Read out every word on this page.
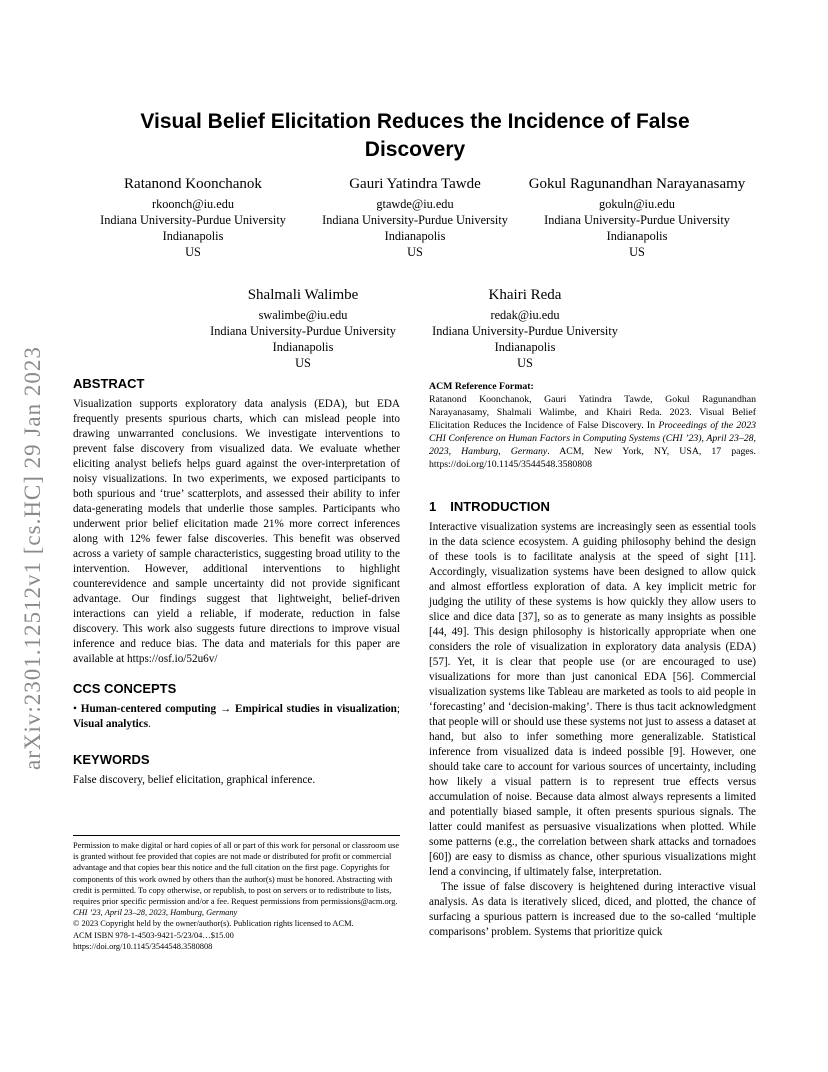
arXiv:2301.12512v1 [cs.HC] 29 Jan 2023
Visual Belief Elicitation Reduces the Incidence of False Discovery
Ratanond Koonchanok
rkoonch@iu.edu
Indiana University-Purdue University
Indianapolis
US
Gauri Yatindra Tawde
gtawde@iu.edu
Indiana University-Purdue University
Indianapolis
US
Gokul Ragunandhan Narayanasamy
gokuln@iu.edu
Indiana University-Purdue University
Indianapolis
US
Shalmali Walimbe
swalimbe@iu.edu
Indiana University-Purdue University
Indianapolis
US
Khairi Reda
redak@iu.edu
Indiana University-Purdue University
Indianapolis
US
ABSTRACT

Visualization supports exploratory data analysis (EDA), but EDA frequently presents spurious charts, which can mislead people into drawing unwarranted conclusions. We investigate interventions to prevent false discovery from visualized data. We evaluate whether eliciting analyst beliefs helps guard against the over-interpretation of noisy visualizations. In two experiments, we exposed participants to both spurious and ‘true’ scatterplots, and assessed their ability to infer data-generating models that underlie those samples. Participants who underwent prior belief elicitation made 21% more correct inferences along with 12% fewer false discoveries. This benefit was observed across a variety of sample characteristics, suggesting broad utility to the intervention. However, additional interventions to highlight counterevidence and sample uncertainty did not provide significant advantage. Our findings suggest that lightweight, belief-driven interactions can yield a reliable, if moderate, reduction in false discovery. This work also suggests future directions to improve visual inference and reduce bias. The data and materials for this paper are available at https://osf.io/52u6v/

CCS CONCEPTS

• Human-centered computing → Empirical studies in visualization; Visual analytics.

KEYWORDS

False discovery, belief elicitation, graphical inference.

Permission to make digital or hard copies of all or part of this work for personal or classroom use is granted without fee provided that copies are not made or distributed for profit or commercial advantage and that copies bear this notice and the full citation on the first page. Copyrights for components of this work owned by others than the author(s) must be honored. Abstracting with credit is permitted. To copy otherwise, or republish, to post on servers or to redistribute to lists, requires prior specific permission and/or a fee. Request permissions from permissions@acm.org.

CHI ’23, April 23–28, 2023, Hamburg, Germany

© 2023 Copyright held by the owner/author(s). Publication rights licensed to ACM.

ACM ISBN 978-1-4503-9421-5/23/04…$15.00

https://doi.org/10.1145/3544548.3580808

ACM Reference Format:

Ratanond Koonchanok, Gauri Yatindra Tawde, Gokul Ragunandhan Narayanasamy, Shalmali Walimbe, and Khairi Reda. 2023. Visual Belief Elicitation Reduces the Incidence of False Discovery. In Proceedings of the 2023 CHI Conference on Human Factors in Computing Systems (CHI ’23), April 23–28, 2023, Hamburg, Germany. ACM, New York, NY, USA, 17 pages. https://doi.org/10.1145/3544548.3580808

1 INTRODUCTION

Interactive visualization systems are increasingly seen as essential tools in the data science ecosystem. A guiding philosophy behind the design of these tools is to facilitate analysis at the speed of sight [11]. Accordingly, visualization systems have been designed to allow quick and almost effortless exploration of data. A key implicit metric for judging the utility of these systems is how quickly they allow users to slice and dice data [37], so as to generate as many insights as possible [44, 49]. This design philosophy is historically appropriate when one considers the role of visualization in exploratory data analysis (EDA) [57]. Yet, it is clear that people use (or are encouraged to use) visualizations for more than just canonical EDA [56]. Commercial visualization systems like Tableau are marketed as tools to aid people in ‘forecasting’ and ‘decision-making’. There is thus tacit acknowledgment that people will or should use these systems not just to assess a dataset at hand, but also to infer something more generalizable. Statistical inference from visualized data is indeed possible [9]. However, one should take care to account for various sources of uncertainty, including how likely a visual pattern is to represent true effects versus accumulation of noise. Because data almost always represents a limited and potentially biased sample, it often presents spurious signals. The latter could manifest as persuasive visualizations when plotted. While some patterns (e.g., the correlation between shark attacks and tornadoes [60]) are easy to dismiss as chance, other spurious visualizations might lend a convincing, if ultimately false, interpretation.

The issue of false discovery is heightened during interactive visual analysis. As data is iteratively sliced, diced, and plotted, the chance of surfacing a spurious pattern is increased due to the so-called ‘multiple comparisons’ problem. Systems that prioritize quick
